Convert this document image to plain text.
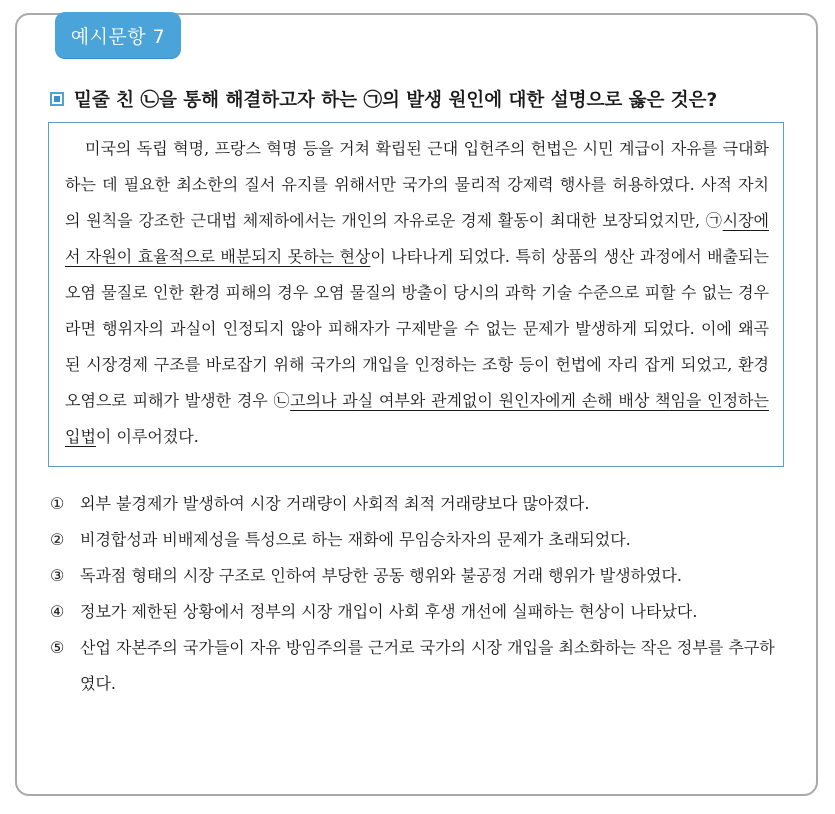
예시문항 7
밑줄 친 ㉡을 통해 해결하고자 하는 ㉠의 발생 원인에 대한 설명으로 옳은 것은?

미국의 독립 혁명, 프랑스 혁명 등을 거쳐 확립된 근대 입헌주의 헌법은 시민 계급이 자유를 극대화하는 데 필요한 최소한의 질서 유지를 위해서만 국가의 물리적 강제력 행사를 허용하였다. 사적 자치의 원칙을 강조한 근대법 체제하에서는 개인의 자유로운 경제 활동이 최대한 보장되었지만, ㉠시장에서 자원이 효율적으로 배분되지 못하는 현상이 나타나게 되었다. 특히 상품의 생산 과정에서 배출되는 오염 물질로 인한 환경 피해의 경우 오염 물질의 방출이 당시의 과학 기술 수준으로 피할 수 없는 경우라면 행위자의 과실이 인정되지 않아 피해자가 구제받을 수 없는 문제가 발생하게 되었다. 이에 왜곡된 시장경제 구조를 바로잡기 위해 국가의 개입을 인정하는 조항 등이 헌법에 자리 잡게 되었고, 환경 오염으로 피해가 발생한 경우 ㉡고의나 과실 여부와 관계없이 원인자에게 손해 배상 책임을 인정하는 입법이 이루어졌다.

① 외부 불경제가 발생하여 시장 거래량이 사회적 최적 거래량보다 많아졌다.
② 비경합성과 비배제성을 특성으로 하는 재화에 무임승차자의 문제가 초래되었다.
③ 독과점 형태의 시장 구조로 인하여 부당한 공동 행위와 불공정 거래 행위가 발생하였다.
④ 정보가 제한된 상황에서 정부의 시장 개입이 사회 후생 개선에 실패하는 현상이 나타났다.
⑤ 산업 자본주의 국가들이 자유 방임주의를 근거로 국가의 시장 개입을 최소화하는 작은 정부를 추구하였다.
